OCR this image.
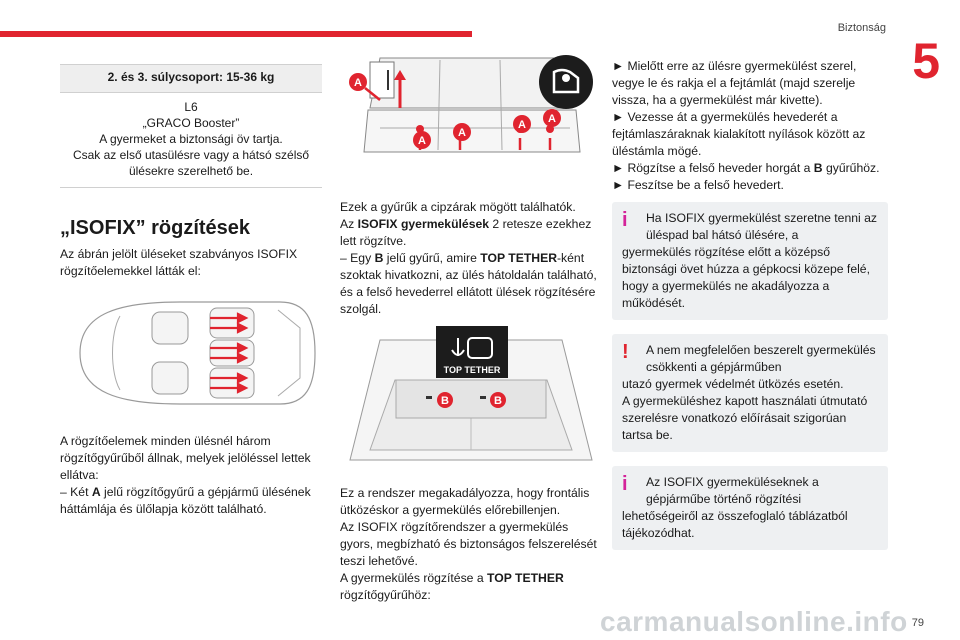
Biztonság
5
2. és 3. súlycsoport: 15-36 kg
L6
„GRACO Booster”
A gyermeket a biztonsági öv tartja.
Csak az első utasülésre vagy a hátsó szélső ülésekre szerelhető be.
„ISOFIX” rögzítések

Az ábrán jelölt üléseket szabványos ISOFIX rögzítőelemekkel látták el:

A rögzítőelemek minden ülésnél három rögzítőgyűrűből állnak, melyek jelöléssel lettek ellátva:

– Két A jelű rögzítőgyűrű a gépjármű ülésének háttámlája és ülőlapja között található.

Ezek a gyűrűk a cipzárak mögött találhatók.

Az ISOFIX gyermekülések 2 retesze ezekhez lett rögzítve.

– Egy B jelű gyűrű, amire TOP TETHER-ként szoktak hivatkozni, az ülés hátoldalán található, és a felső hevederrel ellátott ülések rögzítésére szolgál.

TOP TETHER
B	B

Ez a rendszer megakadályozza, hogy frontális ütközéskor a gyermekülés előrebillenjen.

Az ISOFIX rögzítőrendszer a gyermekülés gyors, megbízható és biztonságos felszerelését teszi lehetővé.

A gyermekülés rögzítése a TOP TETHER rögzítőgyűrűhöz:

A
A
A
A A

► Mielőtt erre az ülésre gyermekülést szerel, vegye le és rakja el a fejtámlát (majd szerelje vissza, ha a gyermekülést már kivette).

► Vezesse át a gyermekülés hevederét a fejtámlaszáraknak kialakított nyílások között az üléstámla mögé.

► Rögzítse a felső heveder horgát a B gyűrűhöz.

► Feszítse be a felső hevedert.

i	Ha ISOFIX gyermekülést szeretne tenni az üléspad bal hátsó ülésére, a
gyermekülés rögzítése előtt a középső biztonsági övet húzza a gépkocsi közepe felé, hogy a gyermekülés ne akadályozza a működését.
!	A nem megfelelően beszerelt gyermekülés csökkenti a gépjárműben
utazó gyermek védelmét ütközés esetén.
A gyermeküléshez kapott használati útmutató szerelésre vonatkozó előírásait szigorúan tartsa be.
i	Az ISOFIX gyermeküléseknek a gépjárműbe történő rögzítési
lehetőségeiről az összefoglaló táblázatból tájékozódhat.
carmanualsonline.info 79
